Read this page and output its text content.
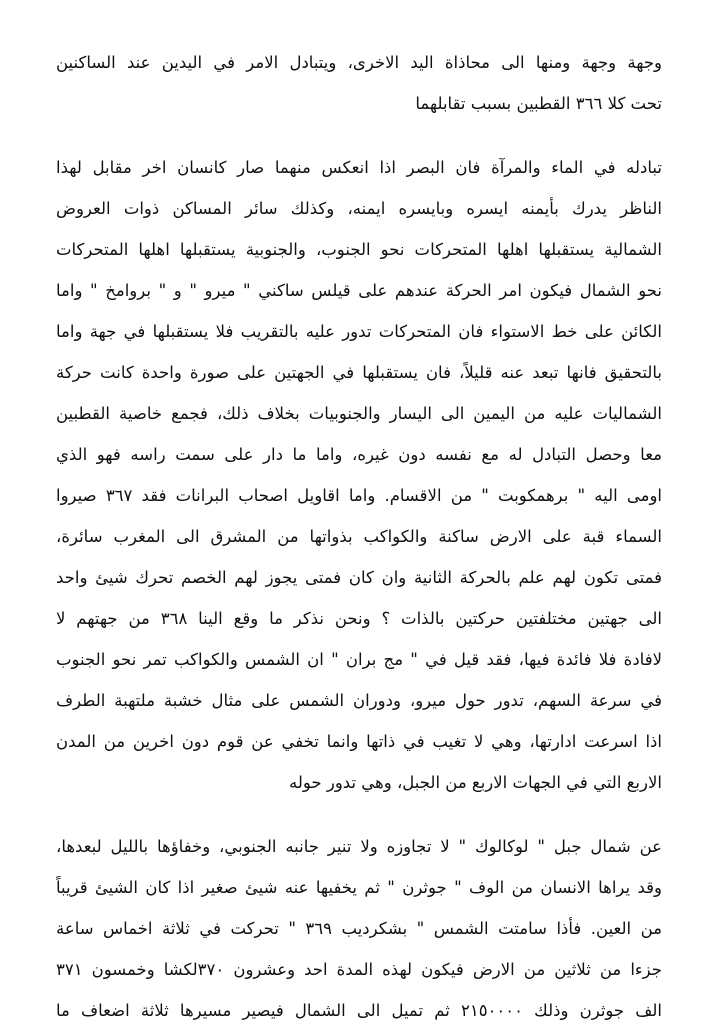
وجهة وجهة ومنها الى محاذاة اليد الاخرى، ويتبادل الامر في اليدين عند الساكنين
تحت كلا ٣٦٦ القطبين بسبب تقابلهما
تبادله في الماء والمرآة فان البصر اذا انعكس منهما صار كانسان اخر مقابل لهذا
الناظر يدرك بأيمنه ايسره وبايسره ايمنه، وكذلك سائر المساكن ذوات العروض
الشمالية يستقبلها اهلها المتحركات نحو الجنوب، والجنوبية يستقبلها اهلها المتحركات
نحو الشمال فيكون امر الحركة عندهم على قيلس ساكني " ميرو " و " بروامخ " واما
الكائن على خط الاستواء فان المتحركات تدور عليه بالتقريب فلا يستقبلها في جهة واما
بالتحقيق فانها تبعد عنه قليلاً، فان يستقبلها في الجهتين على صورة واحدة كانت حركة
الشماليات عليه من اليمين الى اليسار والجنوبيات بخلاف ذلك، فجمع خاصية القطبين
معا وحصل التبادل له مع نفسه دون غيره، واما ما دار على سمت راسه فهو الذي
اومى اليه " برهمكوبت " من الاقسام. واما اقاويل اصحاب البرانات فقد ٣٦٧ صيروا
السماء قبة على الارض ساكنة والكواكب بذواتها من المشرق الى المغرب سائرة،
فمتى تكون لهم علم بالحركة الثانية وان كان فمتى يجوز لهم الخصم تحرك شيئ واحد
الى جهتين مختلفتين حركتين بالذات ؟ ونحن نذكر ما وقع الينا ٣٦٨ من جهتهم لا
لافادة فلا فائدة فيها، فقد قيل في " مج بران " ان الشمس والكواكب تمر نحو الجنوب
في سرعة السهم، تدور حول ميرو، ودوران الشمس على مثال خشبة ملتهبة الطرف
اذا اسرعت ادارتها، وهي لا تغيب في ذاتها وانما تخفي عن قوم دون اخرين من المدن
الاربع التي في الجهات الاربع من الجبل، وهي تدور حوله
عن شمال جبل " لوكالوك " لا تجاوزه ولا تنير جانبه الجنوبي، وخفاؤها بالليل لبعدها،
وقد يراها الانسان من الوف " جوثرن " ثم يخفيها عنه شيئ صغير اذا كان الشيئ قريباً
من العين. فأذا سامتت الشمس " بشكرديب ٣٦٩ " تحركت في ثلاثة اخماس ساعة
جزءا من ثلاثين من الارض فيكون لهذه المدة احد وعشرون ٣٧٠لكشا وخمسون ٣٧١
الف جوثرن وذلك ٢١٥٠٠٠٠ ثم تميل الى الشمال فيصير مسيرها ثلاثة اضعاف ما
